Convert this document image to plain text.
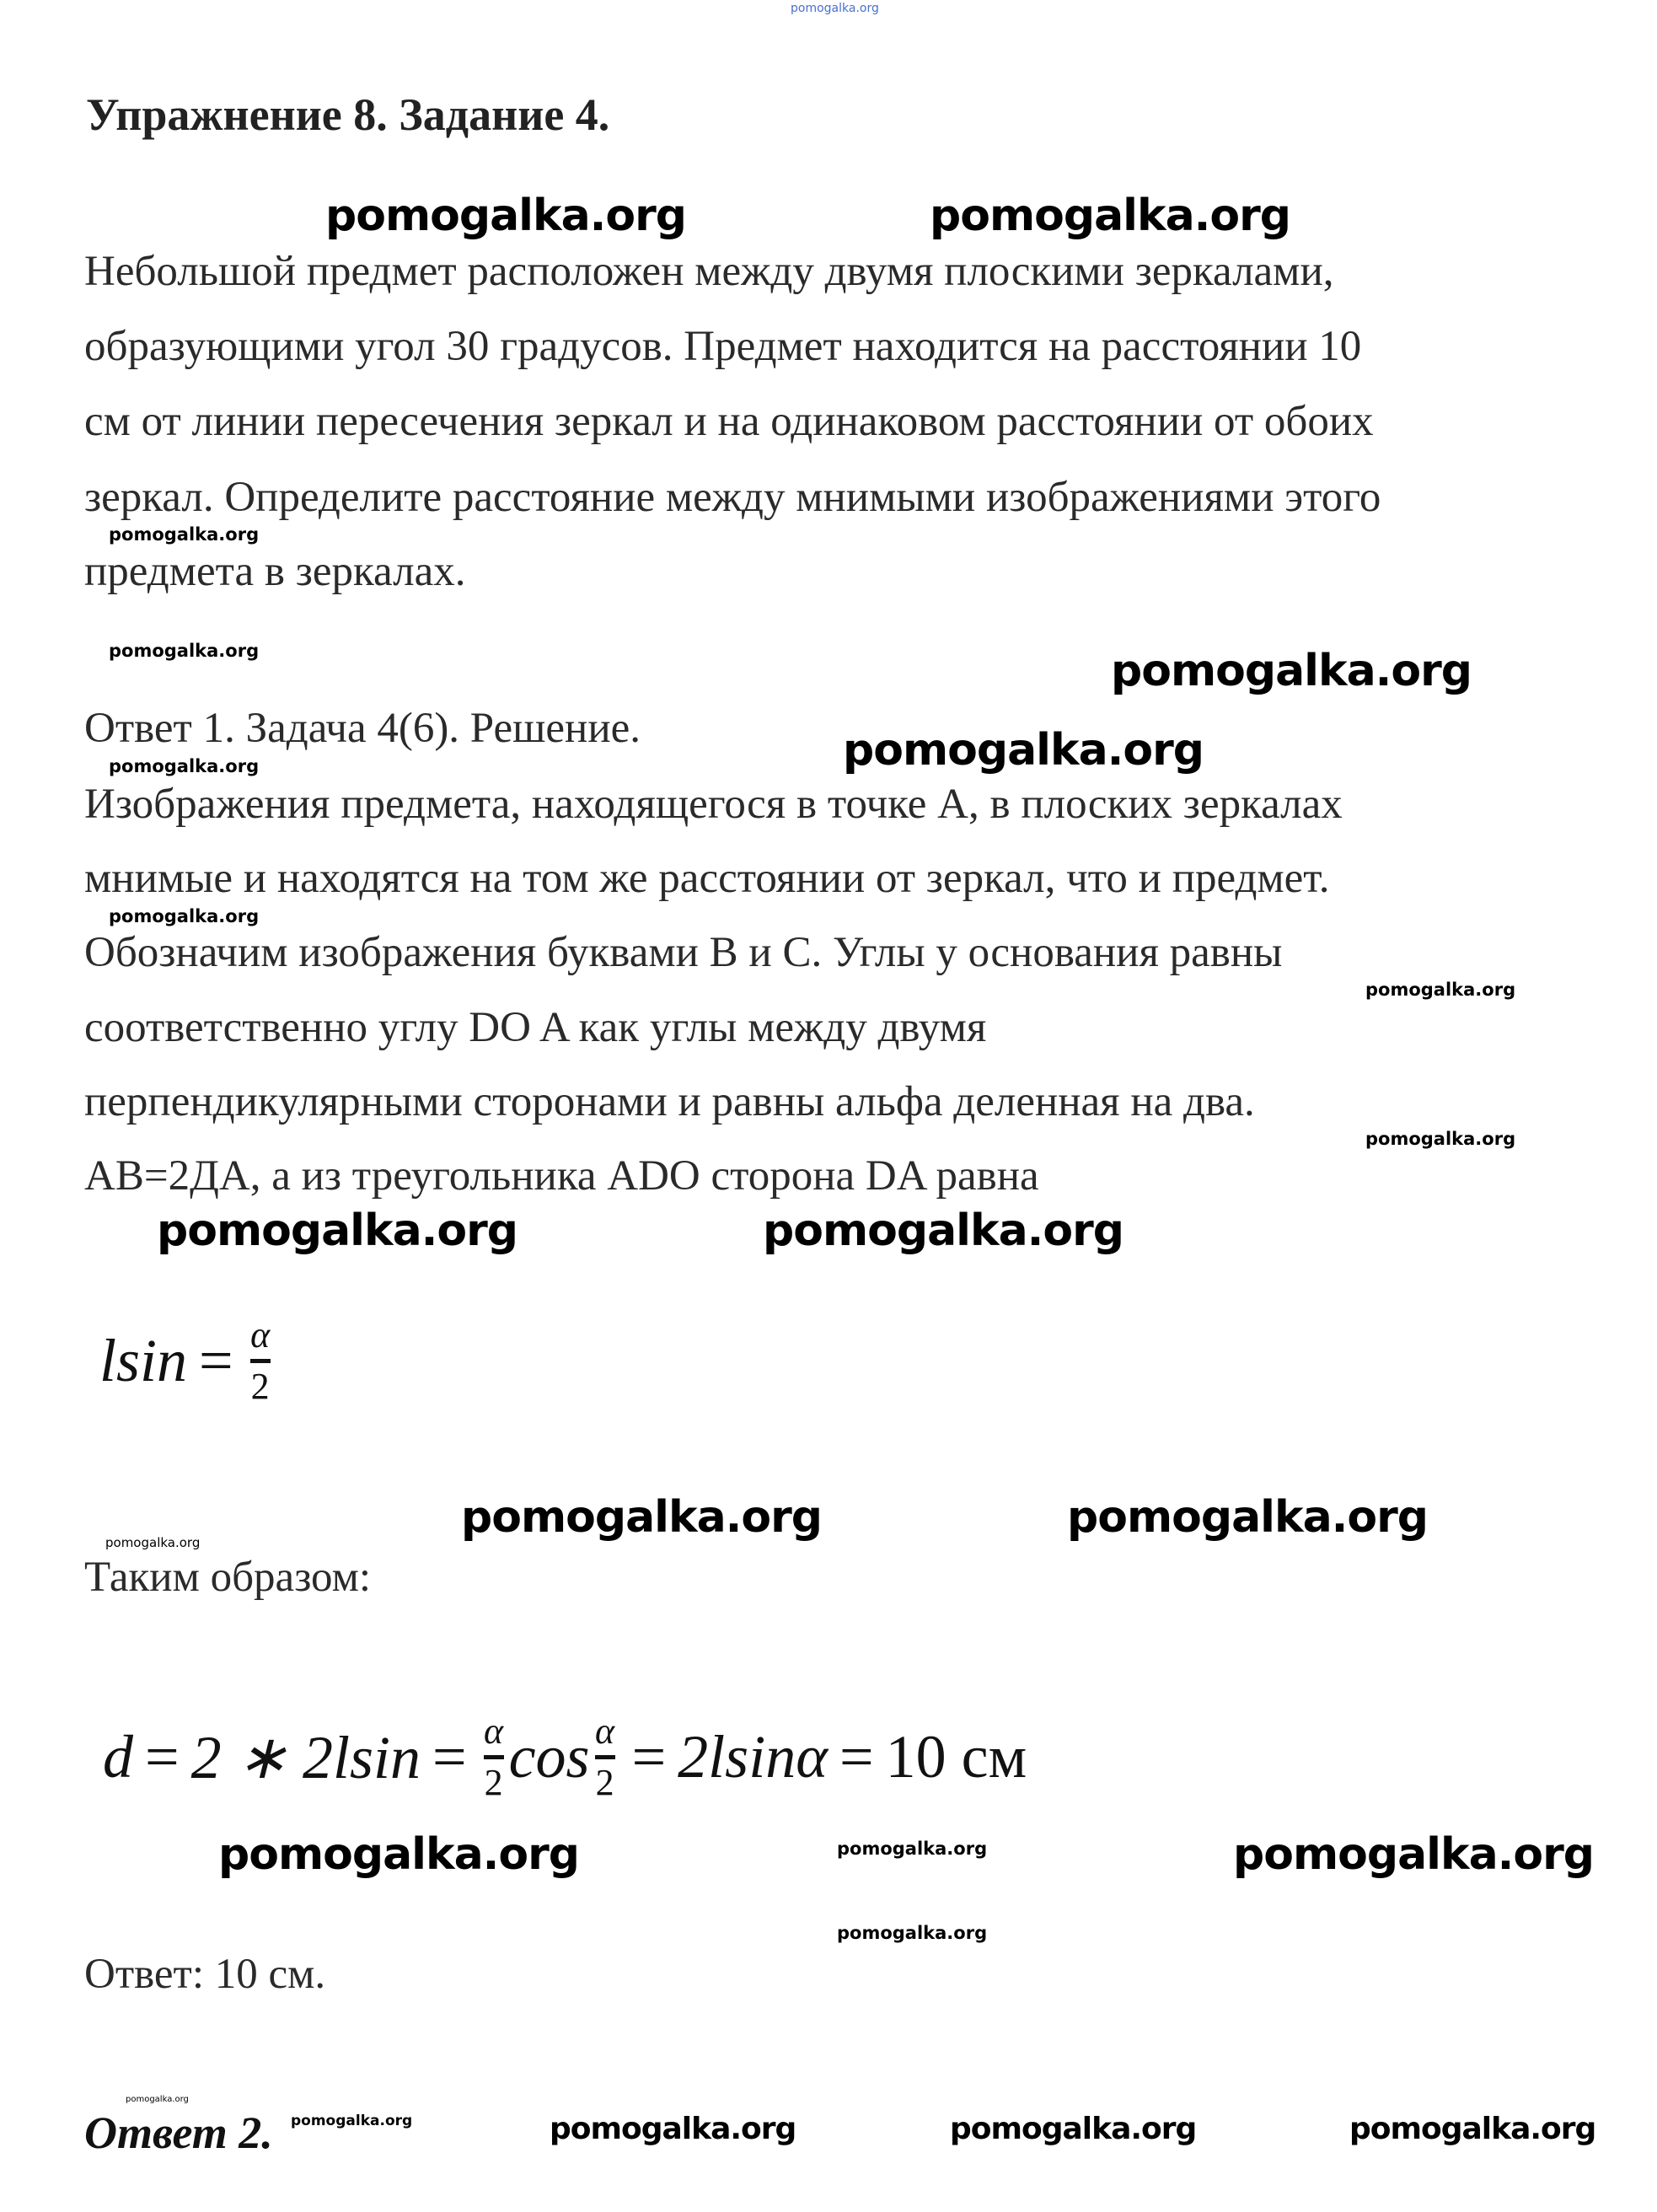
pomogalka.org
Упражнение 8. Задание 4.
Небольшой предмет расположен между двумя плоскими зеркалами,
образующими угол 30 градусов. Предмет находится на расстоянии 10
см от линии пересечения зеркал и на одинаковом расстоянии от обоих
зеркал. Определите расстояние между мнимыми изображениями этого
предмета в зеркалах.
Ответ 1. Задача 4(6). Решение.
Изображения предмета, находящегося в точке А, в плоских зеркалах
мнимые и находятся на том же расстоянии от зеркал, что и предмет.
Обозначим изображения буквами В и С. Углы у основания равны
соответственно углу DO A как углы между двумя
перпендикулярными сторонами и равны альфа деленная на два.
АВ=2ДА, а из треугольника ADO сторона DA равна
lsin = α
2
Таким образом:
d = 2 ∗ 2lsin = α
2 cos α
2 = 2lsinα = 10 см
Ответ: 10 см.
Ответ 2.
pomogalka.org	pomogalka.org
pomogalka.org
pomogalka.org
pomogalka.org	pomogalka.org
pomogalka.org	pomogalka.org
pomogalka.org	pomogalka.org
pomogalka.org	pomogalka.org	pomogalka.org
pomogalka.org
pomogalka.org
pomogalka.org
pomogalka.org
pomogalka.org
pomogalka.org
pomogalka.org
pomogalka.org
pomogalka.org
pomogalka.org
pomogalka.org
